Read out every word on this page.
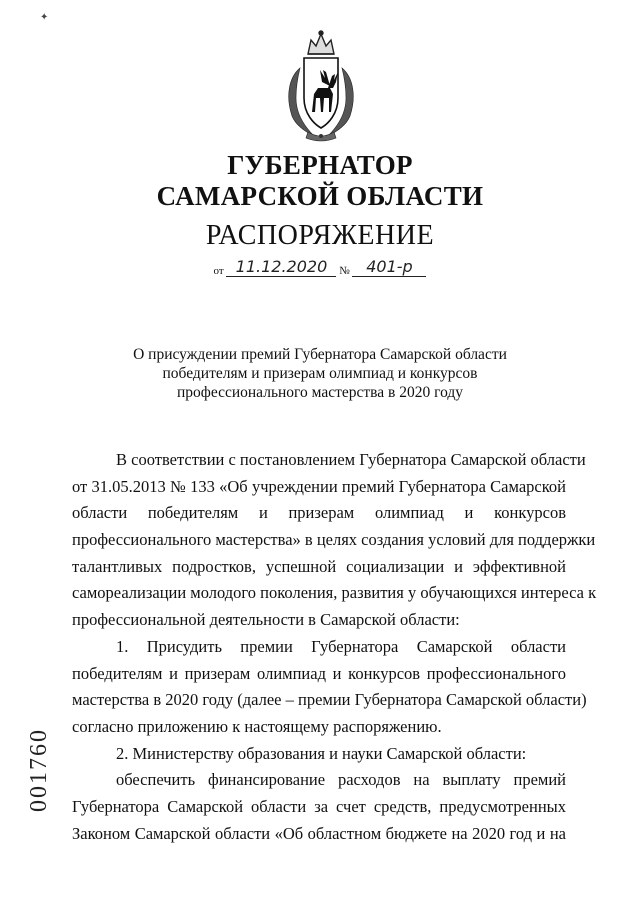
✦
ГУБЕРНАТОР
САМАРСКОЙ ОБЛАСТИ
РАСПОРЯЖЕНИЕ
от 11.12.2020 № 401-р
О присуждении премий Губернатора Самарской области
победителям и призерам олимпиад и конкурсов
профессионального мастерства в 2020 году
В соответствии с постановлением Губернатора Самарской области
от 31.05.2013 № 133 «Об учреждении премий Губернатора Самарской
области победителям и призерам олимпиад и конкурсов
профессионального мастерства» в целях создания условий для поддержки
талантливых подростков, успешной социализации и эффективной
самореализации молодого поколения, развития у обучающихся интереса к
профессиональной деятельности в Самарской области:
1. Присудить премии Губернатора Самарской области
победителям и призерам олимпиад и конкурсов профессионального
мастерства в 2020 году (далее – премии Губернатора Самарской области)
согласно приложению к настоящему распоряжению.
2. Министерству образования и науки Самарской области:
обеспечить финансирование расходов на выплату премий
Губернатора Самарской области за счет средств, предусмотренных
Законом Самарской области «Об областном бюджете на 2020 год и на
001760
